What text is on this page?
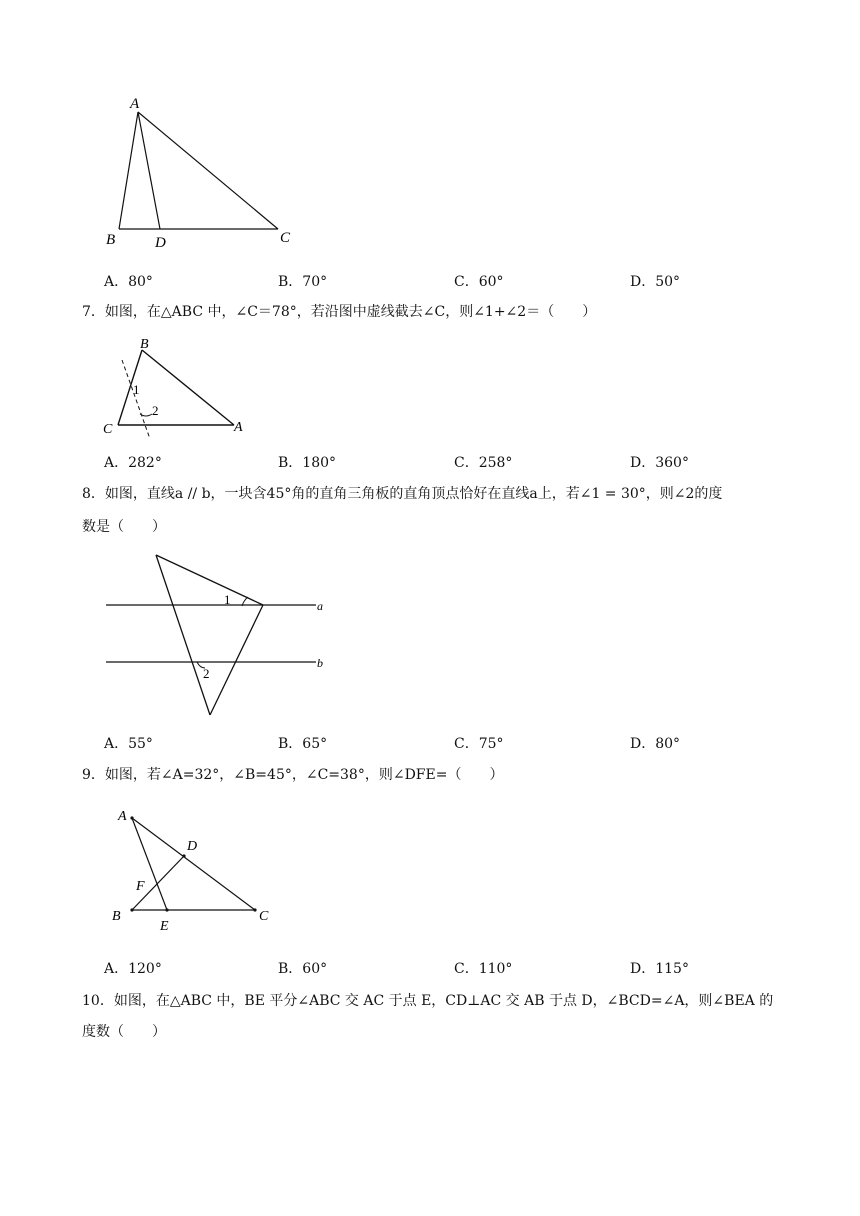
A
B	D	C
A．80°	B．70°	C．60°	D．50°
7．如图，在△ABC 中，∠C＝78°，若沿图中虚线截去∠C，则∠1+∠2＝（　　）
B
C	A
1
2
A．282°	B．180°	C．258°	D．360°
8．如图，直线a // b，一块含45°角的直角三角板的直角顶点恰好在直线a上，若∠1 = 30°，则∠2的度
数是（　　）
a
b
1
2
A．55°	B．65°	C．75°	D．80°
9．如图，若∠A=32°，∠B=45°，∠C=38°，则∠DFE=（　　）
A
D
F
B
E
C
A．120°	B．60°	C．110°	D．115°
10．如图，在△ABC 中，BE 平分∠ABC 交 AC 于点 E，CD⊥AC 交 AB 于点 D，∠BCD=∠A，则∠BEA 的
度数（　　）
